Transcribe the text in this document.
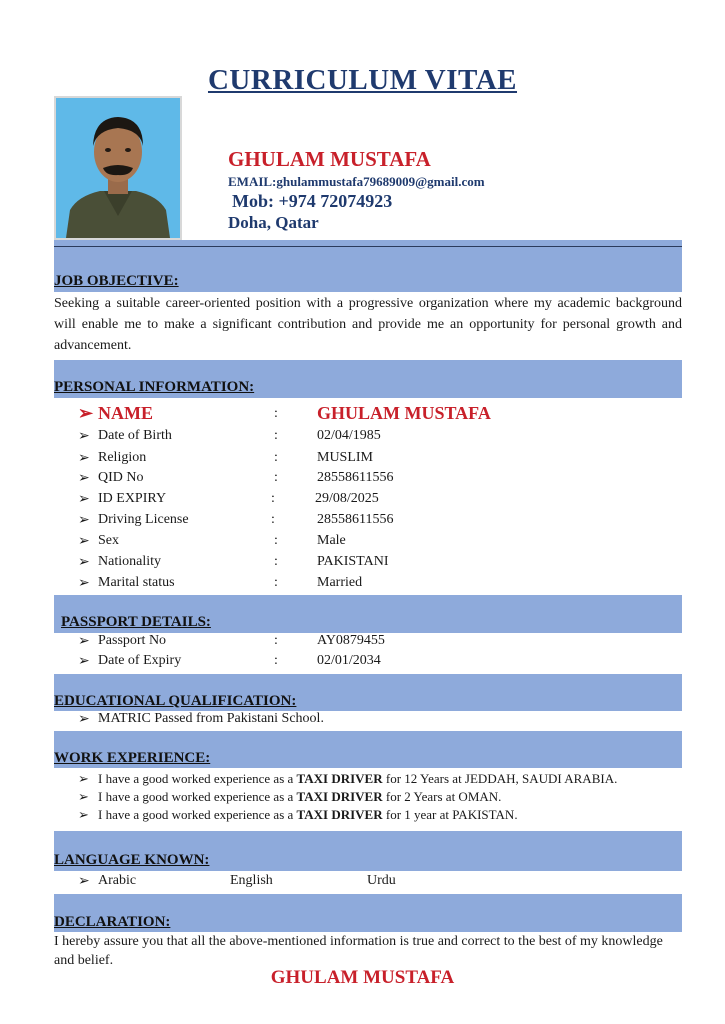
CURRICULUM VITAE
GHULAM MUSTAFA
EMAIL:ghulammustafa79689009@gmail.com
Mob: +974 72074923
Doha, Qatar
JOB OBJECTIVE:
Seeking a suitable career-oriented position with a progressive organization where my academic background will enable me to make a significant contribution and provide me an opportunity for personal growth and advancement.
PERSONAL INFORMATION:
➢ NAME	: GHULAM MUSTAFA
➢ Date of Birth	:	02/04/1985
➢ Religion	:	MUSLIM
➢ QID No	:	28558611556
➢ ID EXPIRY	:	29/08/2025
➢ Driving License	:	28558611556
➢ Sex	:	Male
➢ Nationality	:	PAKISTANI
➢ Marital status	:	Married
PASSPORT DETAILS:
➢ Passport No	:	AY0879455
➢ Date of Expiry	:	02/01/2034
EDUCATIONAL QUALIFICATION:
➢ MATRIC Passed from Pakistani School.
WORK EXPERIENCE:
➢ I have a good worked experience as a TAXI DRIVER for 12 Years at JEDDAH, SAUDI ARABIA.
➢ I have a good worked experience as a TAXI DRIVER for 2 Years at OMAN.
➢ I have a good worked experience as a TAXI DRIVER for 1 year at PAKISTAN.
LANGUAGE KNOWN:
➢ Arabic	English	Urdu
DECLARATION:
I hereby assure you that all the above-mentioned information is true and correct to the best of my knowledge and belief.
GHULAM MUSTAFA
